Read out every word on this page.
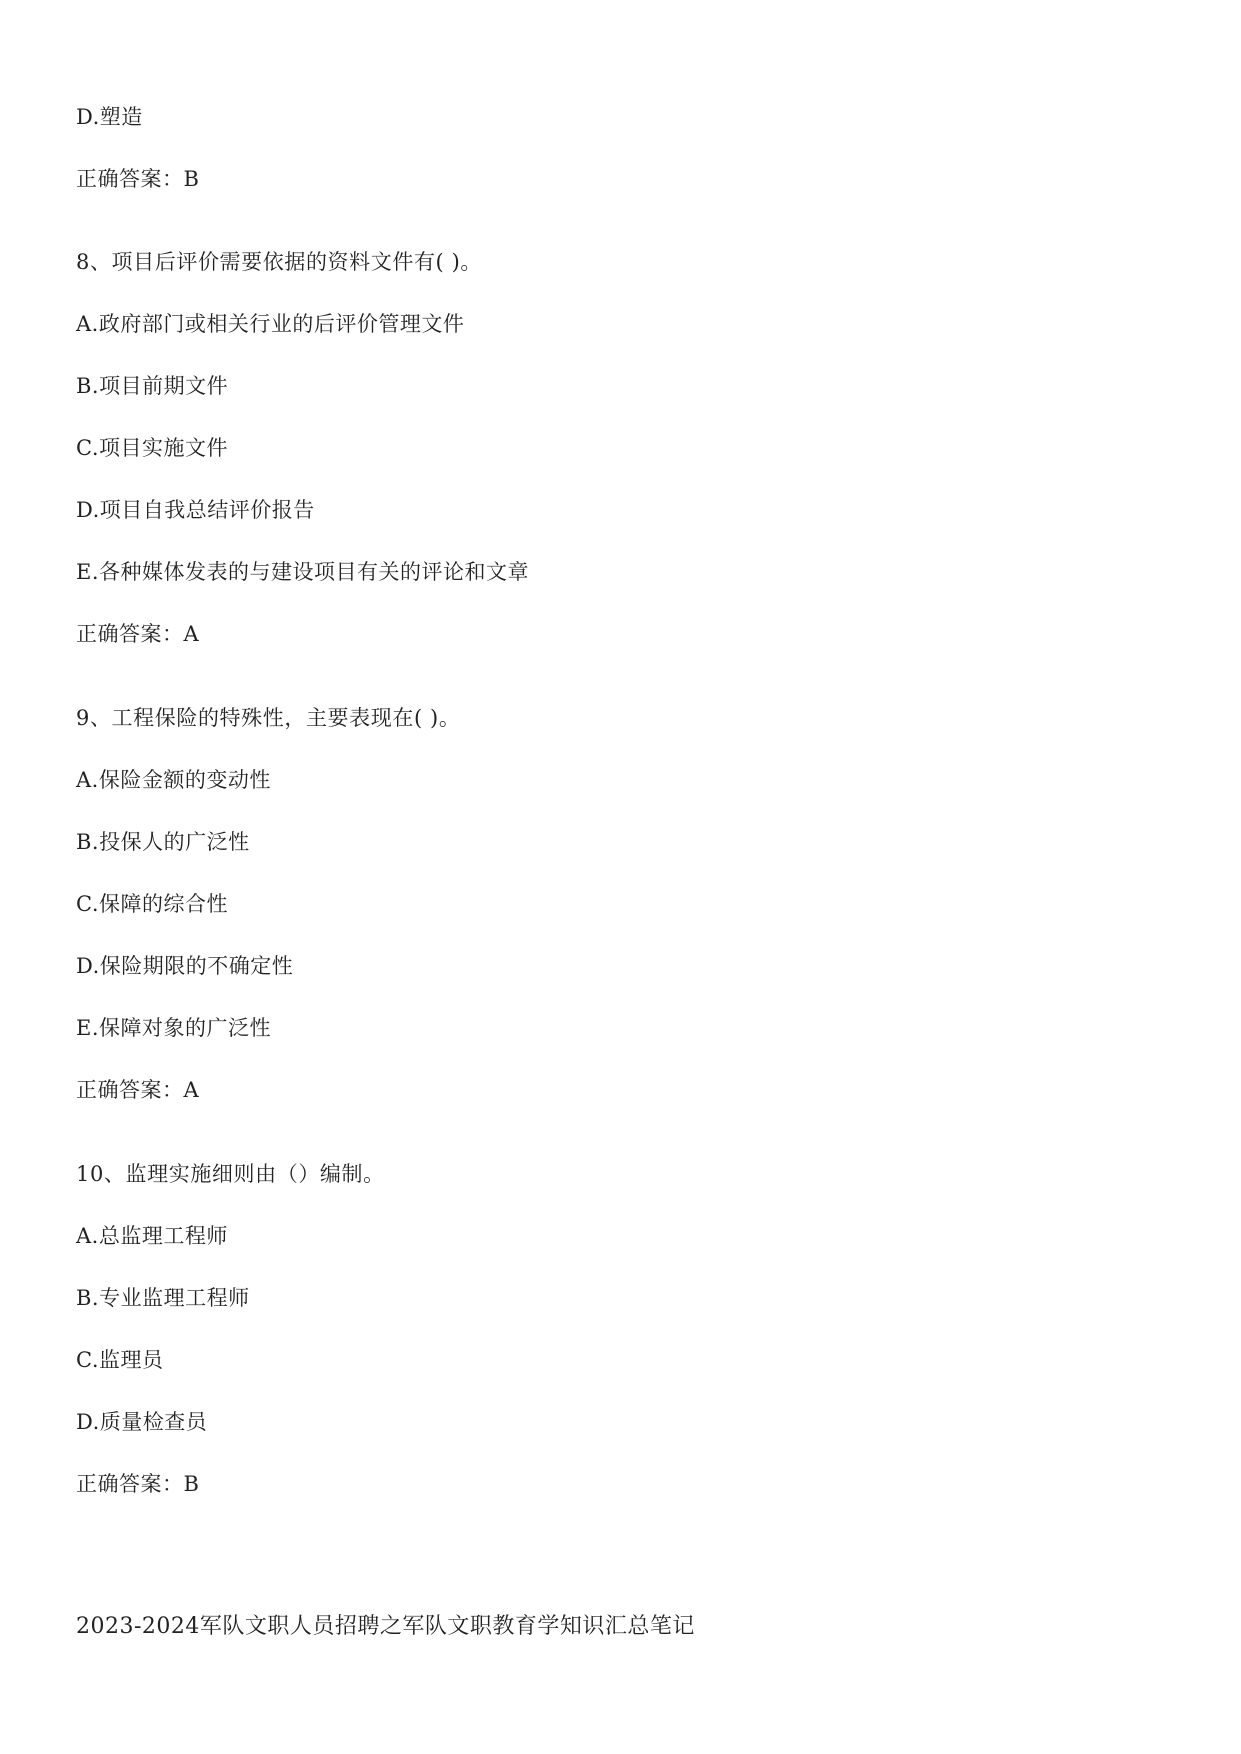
D.塑造
正确答案：B
8、项目后评价需要依据的资料文件有( )。
A.政府部门或相关行业的后评价管理文件
B.项目前期文件
C.项目实施文件
D.项目自我总结评价报告
E.各种媒体发表的与建设项目有关的评论和文章
正确答案：A
9、工程保险的特殊性，主要表现在( )。
A.保险金额的变动性
B.投保人的广泛性
C.保障的综合性
D.保险期限的不确定性
E.保障对象的广泛性
正确答案：A
10、监理实施细则由（）编制。
A.总监理工程师
B.专业监理工程师
C.监理员
D.质量检查员
正确答案：B
2023-2024军队文职人员招聘之军队文职教育学知识汇总笔记
